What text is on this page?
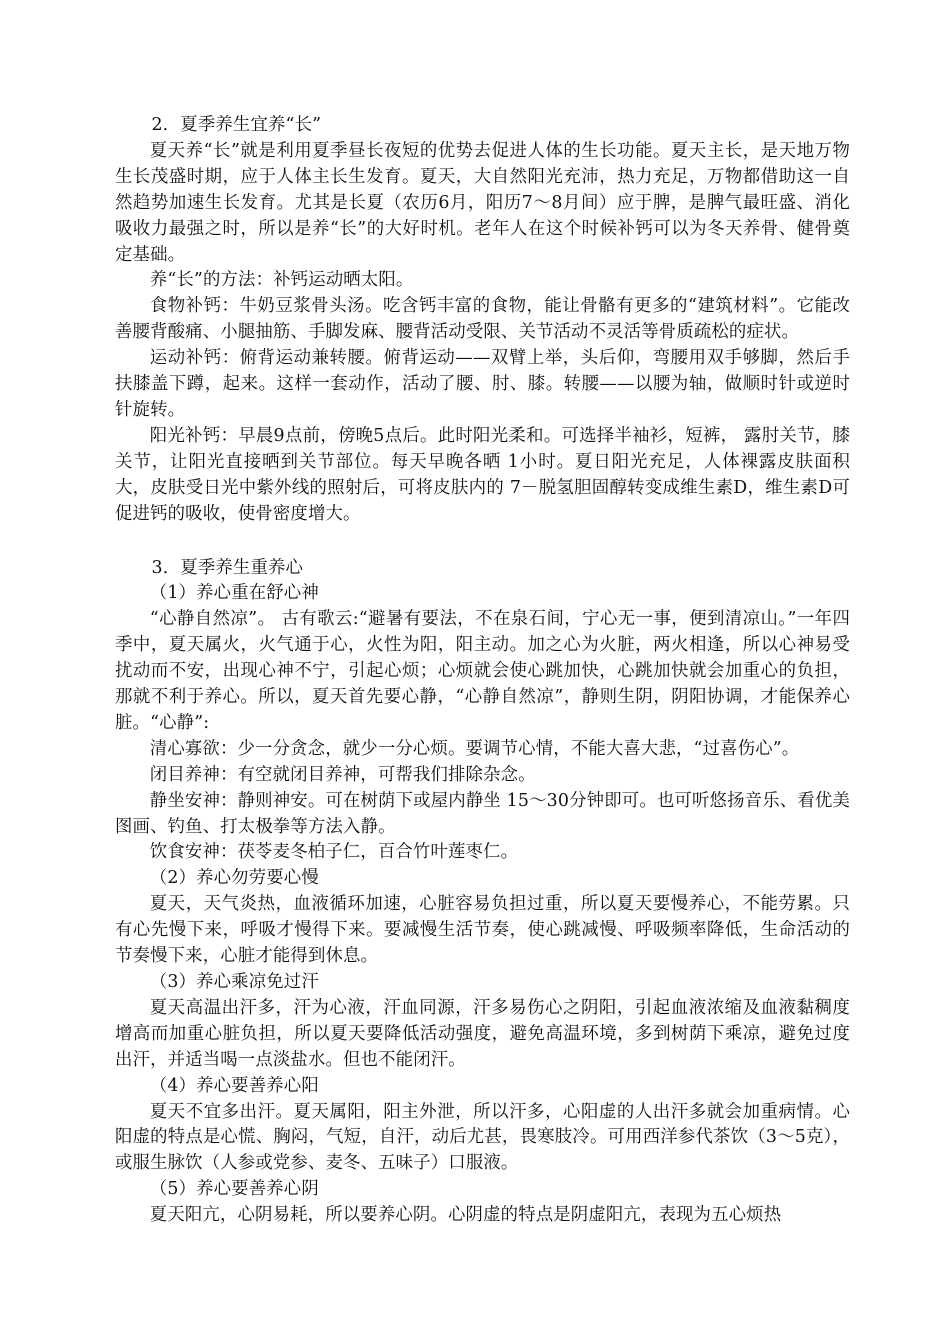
2．夏季养生宜养“长”

夏天养“长”就是利用夏季昼长夜短的优势去促进人体的生长功能。夏天主长，是天地万物生长茂盛时期，应于人体主长生发育。夏天，大自然阳光充沛，热力充足，万物都借助这一自然趋势加速生长发育。尤其是长夏（农历6月，阳历7～8月间）应于脾，是脾气最旺盛、消化吸收力最强之时，所以是养“长”的大好时机。老年人在这个时候补钙可以为冬天养骨、健骨奠定基础。

养“长”的方法：补钙运动晒太阳。

食物补钙：牛奶豆浆骨头汤。吃含钙丰富的食物，能让骨骼有更多的“建筑材料”。它能改善腰背酸痛、小腿抽筋、手脚发麻、腰背活动受限、关节活动不灵活等骨质疏松的症状。

运动补钙：俯背运动兼转腰。俯背运动——双臂上举，头后仰，弯腰用双手够脚，然后手扶膝盖下蹲，起来。这样一套动作，活动了腰、肘、膝。转腰——以腰为轴，做顺时针或逆时针旋转。

阳光补钙：早晨9点前，傍晚5点后。此时阳光柔和。可选择半袖衫，短裤， 露肘关节，膝关节，让阳光直接晒到关节部位。每天早晚各晒 1小时。夏日阳光充足，人体裸露皮肤面积大，皮肤受日光中紫外线的照射后，可将皮肤内的 7－脱氢胆固醇转变成维生素D，维生素D可促进钙的吸收，使骨密度增大。

3．夏季养生重养心

（1）养心重在舒心神

“心静自然凉”。 古有歌云:“避暑有要法，不在泉石间，宁心无一事，便到清凉山。”一年四季中，夏天属火，火气通于心，火性为阳，阳主动。加之心为火脏，两火相逢，所以心神易受扰动而不安，出现心神不宁，引起心烦；心烦就会使心跳加快，心跳加快就会加重心的负担，那就不利于养心。所以，夏天首先要心静，“心静自然凉”，静则生阴，阴阳协调，才能保养心脏。“心静”:

清心寡欲：少一分贪念，就少一分心烦。要调节心情，不能大喜大悲，“过喜伤心”。

闭目养神：有空就闭目养神，可帮我们排除杂念。

静坐安神：静则神安。可在树荫下或屋内静坐 15～30分钟即可。也可听悠扬音乐、看优美图画、钓鱼、打太极拳等方法入静。

饮食安神：茯苓麦冬柏子仁，百合竹叶莲枣仁。

（2）养心勿劳要心慢

夏天，天气炎热，血液循环加速，心脏容易负担过重，所以夏天要慢养心，不能劳累。只有心先慢下来，呼吸才慢得下来。要减慢生活节奏，使心跳减慢、呼吸频率降低，生命活动的节奏慢下来，心脏才能得到休息。

（3）养心乘凉免过汗

夏天高温出汗多，汗为心液，汗血同源，汗多易伤心之阴阳，引起血液浓缩及血液黏稠度增高而加重心脏负担，所以夏天要降低活动强度，避免高温环境，多到树荫下乘凉，避免过度出汗，并适当喝一点淡盐水。但也不能闭汗。

（4）养心要善养心阳

夏天不宜多出汗。夏天属阳，阳主外泄，所以汗多，心阳虚的人出汗多就会加重病情。心阳虚的特点是心慌、胸闷，气短，自汗，动后尤甚，畏寒肢冷。可用西洋参代茶饮（3～5克），或服生脉饮（人参或党参、麦冬、五味子）口服液。

（5）养心要善养心阴

夏天阳亢，心阴易耗，所以要养心阴。心阴虚的特点是阴虚阳亢，表现为五心烦热
